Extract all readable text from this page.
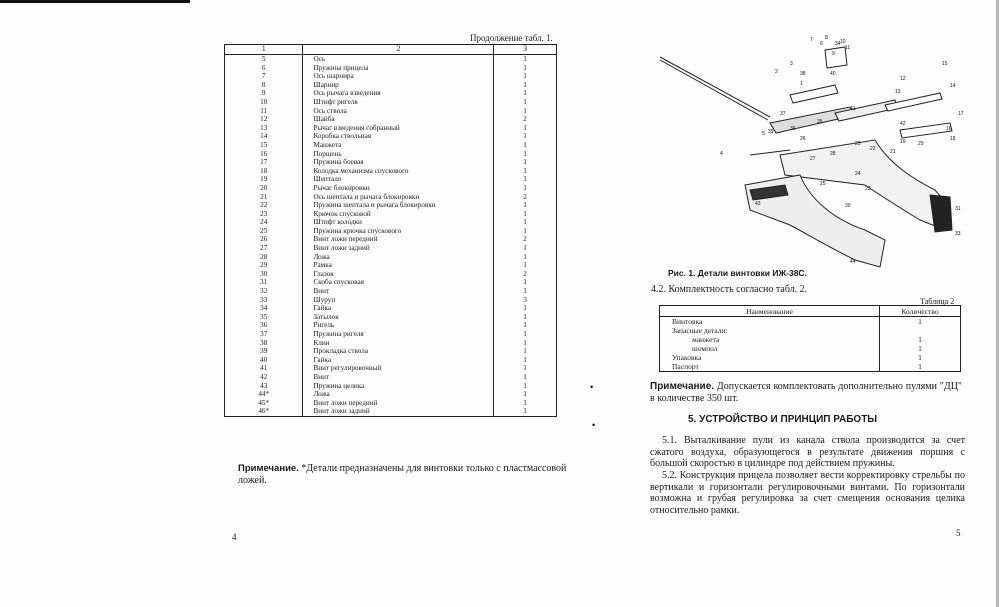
Продолжение табл. 1.
1	2	3
5	Ось	1
6	Пружина прицела	1
7	Ось шарнира	1
8	Шарнир	1
9	Ось рычага взведения	1
10	Штифт ригеля	1
11	Ось ствола	1
12	Шайба	2
13	Рычаг взведения собранный	1
14	Коробка ствольная	1
15	Манжета	1
16	Поршень	1
17	Пружина боевая	1
18	Колодка механизма спускового	1
19	Шептало	1
20	Рычаг блокировки	1
21	Ось шептала и рычага блокировки	2
22	Пружина шептала и рычага блокировки	1
23	Крючок спусковой	1
24	Штифт колодки	1
25	Пружина крючка спускового	1
26	Винт ложи передний	2
27	Винт ложи задний	1
28	Ложа	1
29	Рамка	1
30	Глазок	2
31	Скоба спусковая	1
32	Винт	1
33	Шуруп	3
34	Гайка	1
35	Затылок	1
36	Ригель	1
37	Пружина ригеля	1
38	Клин	1
39	Прокладка ствола	1
40	Гайка	1
41	Винт регулировочный	1
42	Винт	1
43	Пружина целика	1
44*	Ложа	1
45*	Винт ложи передний	1
46*	Винт ложи задний	1
Примечание. *Детали предназначены для винтовки только с пластмассовой ложей.
4
1
2
3
4
5
6
7 8
9
10
11
12
13
14
15
16
17
18
19 20
21
22
23
24
25
26
27
28
29
30	31
33
34
35
36
37
38
39
40
41
42
43
44
Рис. 1. Детали винтовки ИЖ-38С.
4.2. Комплектность согласно табл. 2.
Таблица 2
Наименование	Количество
Винтовка	1
Запасные детали:	
манжета	1
шомпол	1
Упаковка	1
Паспорт	1
Примечание. Допускается комплектовать дополнительно пулями "ДЦ" в количестве 350 шт.
5. УСТРОЙСТВО И ПРИНЦИП РАБОТЫ
5.1. Выталкивание пули из канала ствола производится за счет сжатого воздуха, образующегося в результате движения поршня с большой скоростью в цилиндре под действием пружины.
5.2. Конструкция прицела позволяет вести корректировку стрельбы по вертикали и горизонтали регулировочными винтами. По горизонтали возможна и грубая регулировка за счет смещения основания целика относительно рамки.
5
•
•
